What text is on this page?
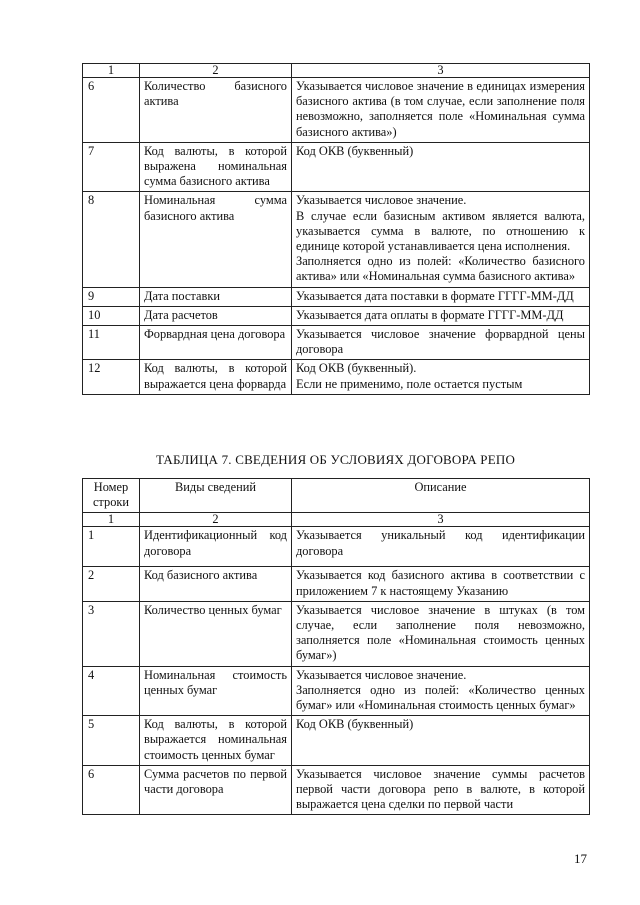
1	2	3
6	Количество базисного актива	Указывается числовое значение в единицах измерения базисного актива (в том случае, если заполнение поля невозможно, заполняется поле «Номинальная сумма базисного актива»)
7	Код валюты, в которой выражена номинальная сумма базисного актива	Код ОКВ (буквенный)
8	Номинальная сумма базисного актива	Указывается числовое значение.
В случае если базисным активом является валюта, указывается сумма в валюте, по отношению к единице которой устанавливается цена исполнения.
Заполняется одно из полей: «Количество базисного актива» или «Номинальная сумма базисного актива»

9	Дата поставки	Указывается дата поставки в формате ГГГГ-ММ-ДД
10	Дата расчетов	Указывается дата оплаты в формате ГГГГ-ММ-ДД
11	Форвардная цена договора	Указывается числовое значение форвардной цены договора
12	Код валюты, в которой выражается цена форварда	Код ОКВ (буквенный).
Если не применимо, поле остается пустым
ТАБЛИЦА 7. СВЕДЕНИЯ ОБ УСЛОВИЯХ ДОГОВОРА РЕПО
Номер строки	Виды сведений	Описание
1	2	3
1	Идентификационный код договора	Указывается уникальный код идентификации договора
2	Код базисного актива	Указывается код базисного актива в соответствии с приложением 7 к настоящему Указанию
3	Количество ценных бумаг	Указывается числовое значение в штуках (в том случае, если заполнение поля невозможно, заполняется поле «Номинальная стоимость ценных бумаг»)
4	Номинальная стоимость ценных бумаг	Указывается числовое значение.
Заполняется одно из полей: «Количество ценных бумаг» или «Номинальная стоимость ценных бумаг»

5	Код валюты, в которой выражается номинальная стоимость ценных бумаг	Код ОКВ (буквенный)
6	Сумма расчетов по первой части договора	Указывается числовое значение суммы расчетов первой части договора репо в валюте, в которой выражается цена сделки по первой части
17
